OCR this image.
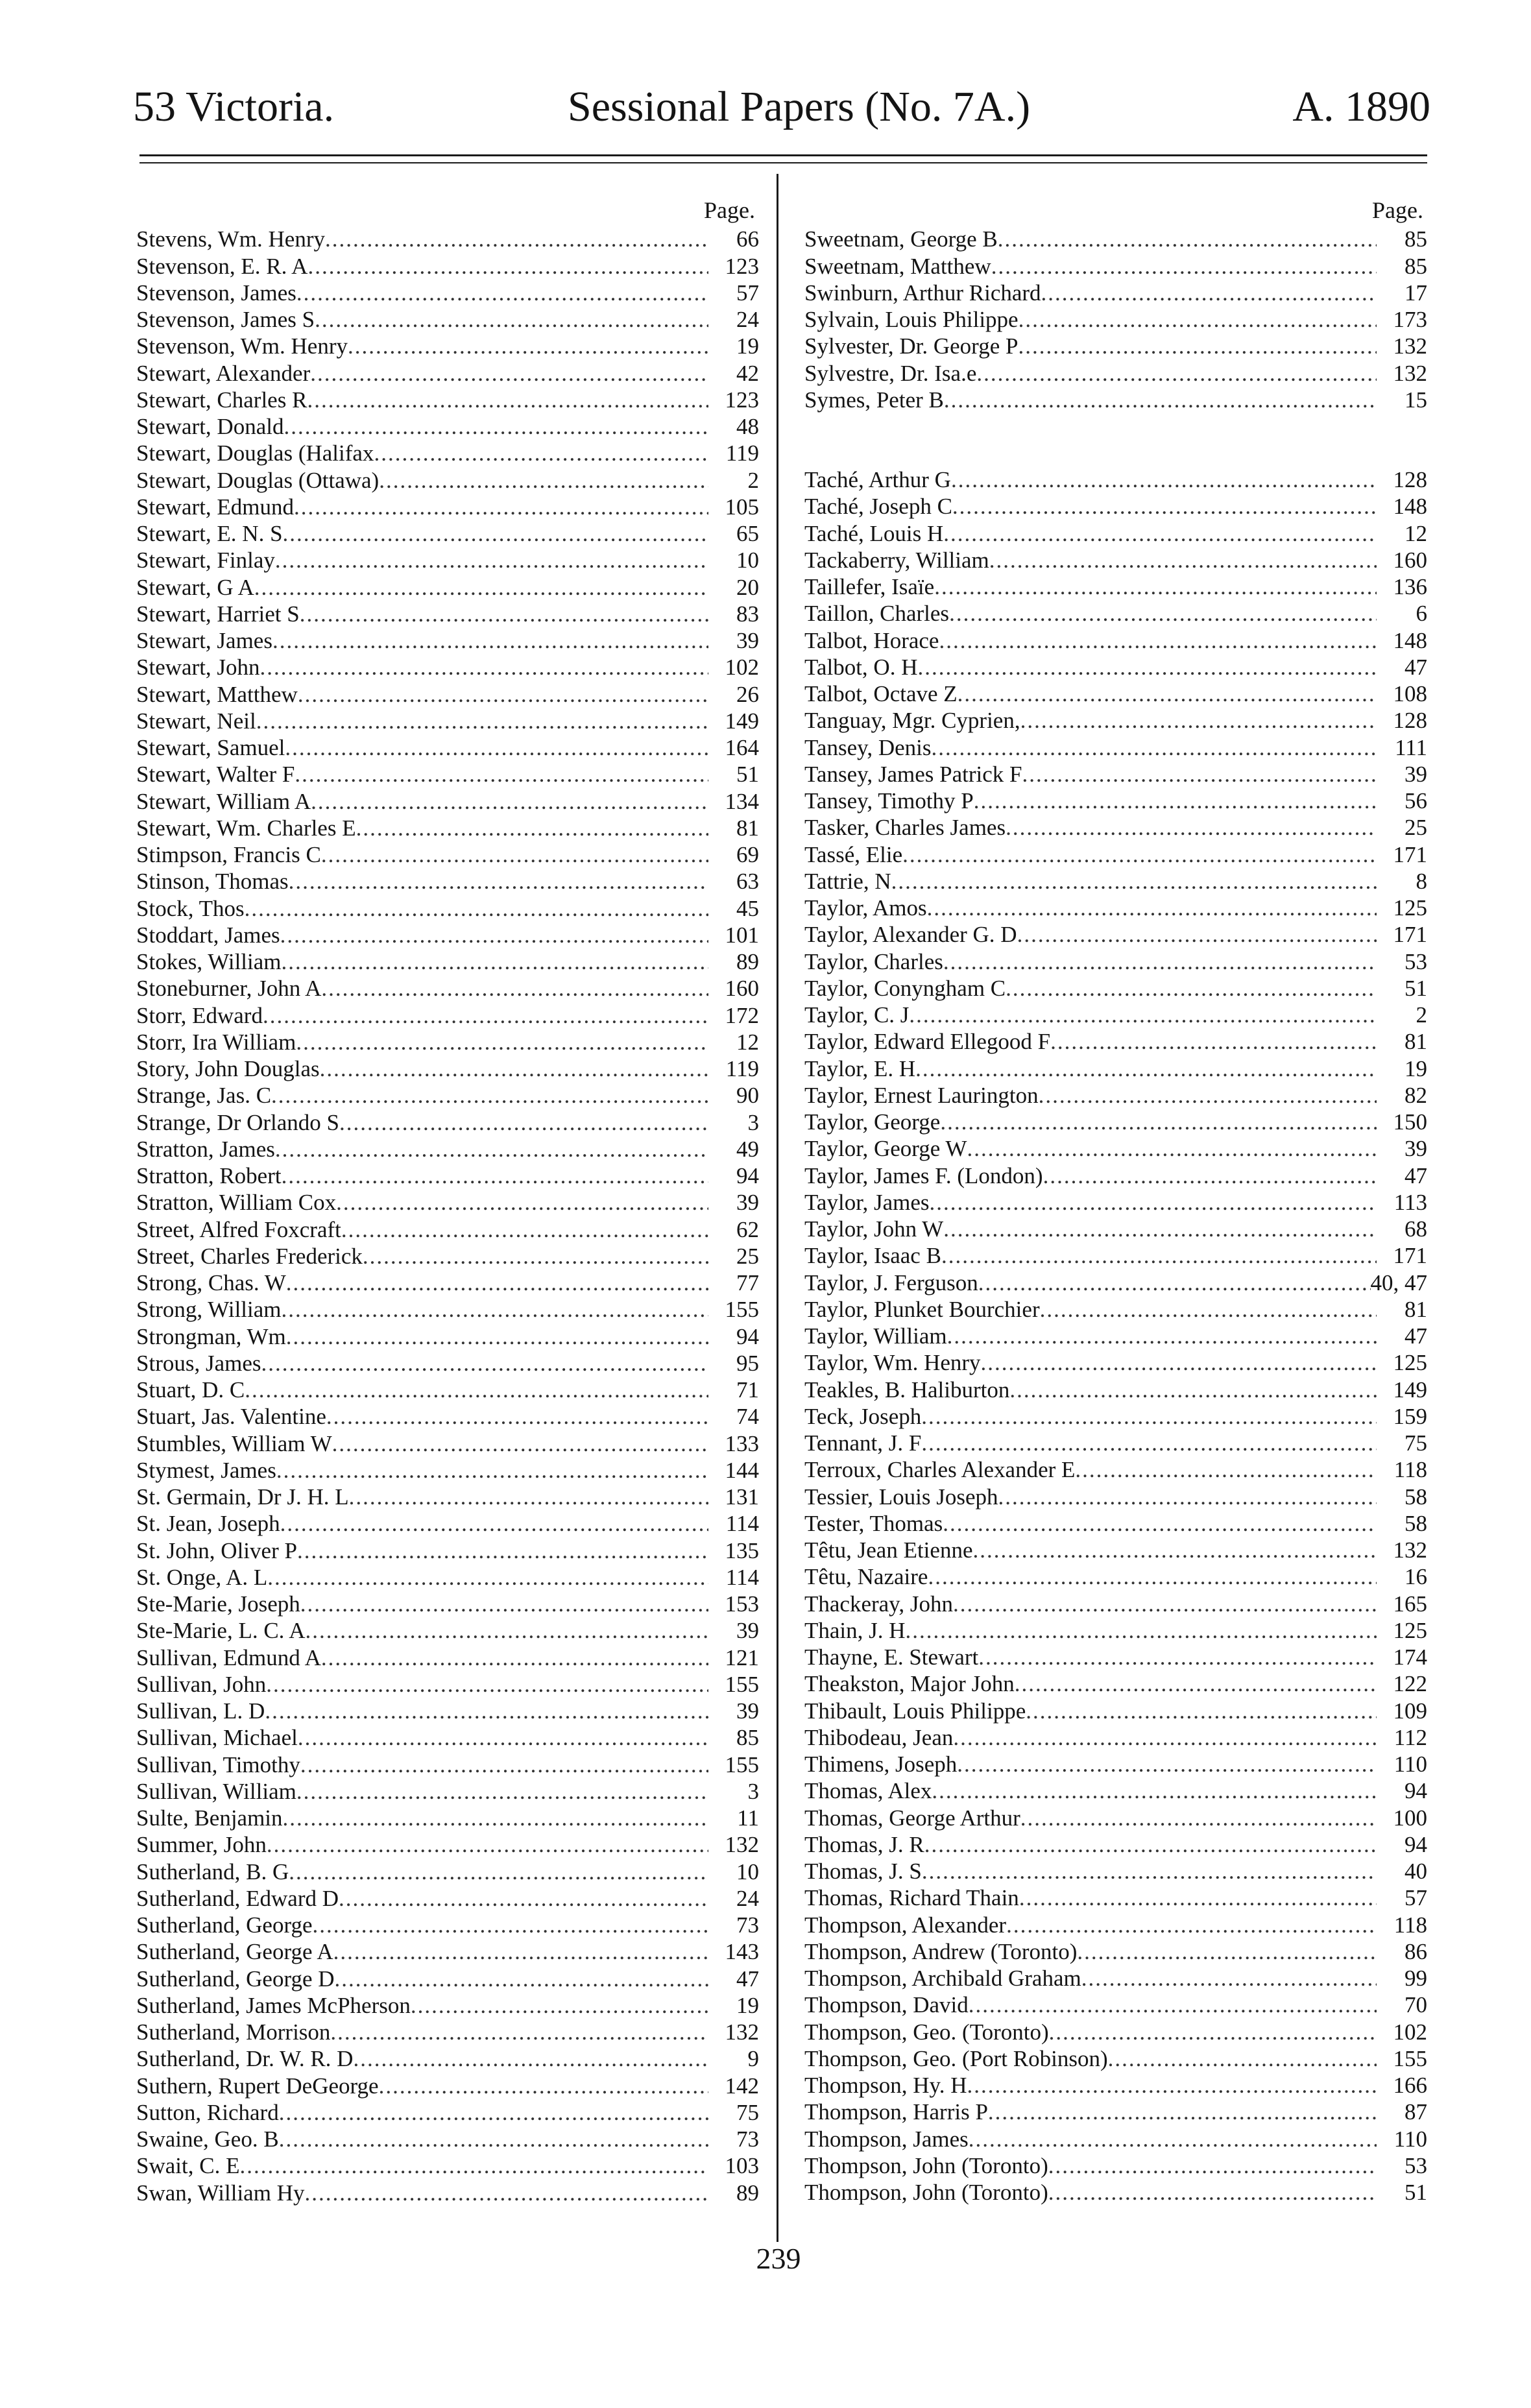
53 Victoria.	Sessional Papers (No. 7A.)	A. 1890
Page.
Stevens, Wm. Henry .....	66
Stevenson, E. R. A .....	123
Stevenson, James .....	57
Stevenson, James S .....	24
Stevenson, Wm. Henry .....	19
Stewart, Alexander .....	42
Stewart, Charles R .....	123
Stewart, Donald .....	48
Stewart, Douglas (Halifax .....	119
Stewart, Douglas (Ottawa) .....	2
Stewart, Edmund .....	105
Stewart, E. N. S .....	65
Stewart, Finlay .....	10
Stewart, G A .....	20
Stewart, Harriet S .....	83
Stewart, James .....	39
Stewart, John .....	102
Stewart, Matthew .....	26
Stewart, Neil .....	149
Stewart, Samuel .....	164
Stewart, Walter F .....	51
Stewart, William A .....	134
Stewart, Wm. Charles E .....	81
Stimpson, Francis C .....	69
Stinson, Thomas .....	63
Stock, Thos .....	45
Stoddart, James .....	101
Stokes, William .....	89
Stoneburner, John A .....	160
Storr, Edward .....	172
Storr, Ira William .....	12
Story, John Douglas .....	119
Strange, Jas. C .....	90
Strange, Dr Orlando S .....	3
Stratton, James .....	49
Stratton, Robert .....	94
Stratton, William Cox .....	39
Street, Alfred Foxcraft .....	62
Street, Charles Frederick .....	25
Strong, Chas. W .....	77
Strong, William .....	155
Strongman, Wm .....	94
Strous, James .....	95
Stuart, D. C .....	71
Stuart, Jas. Valentine .....	74
Stumbles, William W .....	133
Stymest, James .....	144
St. Germain, Dr J. H. L .....	131
St. Jean, Joseph .....	114
St. John, Oliver P .....	135
St. Onge, A. L .....	114
Ste-Marie, Joseph .....	153
Ste-Marie, L. C. A .....	39
Sullivan, Edmund A .....	121
Sullivan, John .....	155
Sullivan, L. D .....	39
Sullivan, Michael .....	85
Sullivan, Timothy .....	155
Sullivan, William .....	3
Sulte, Benjamin .....	11
Summer, John .....	132
Sutherland, B. G .....	10
Sutherland, Edward D .....	24
Sutherland, George .....	73
Sutherland, George A .....	143
Sutherland, George D .....	47
Sutherland, James McPherson .....	19
Sutherland, Morrison .....	132
Sutherland, Dr. W. R. D .....	9
Suthern, Rupert DeGeorge .....	142
Sutton, Richard .....	75
Swaine, Geo. B .....	73
Swait, C. E .....	103
Swan, William Hy .....	89
Page.
Sweetnam, George B .....	85
Sweetnam, Matthew .....	85
Swinburn, Arthur Richard .....	17
Sylvain, Louis Philippe .....	173
Sylvester, Dr. George P .....	132
Sylvestre, Dr. Isa.e .....	132
Symes, Peter B .....	15
Taché, Arthur G .....	128
Taché, Joseph C .....	148
Taché, Louis H .....	12
Tackaberry, William .....	160
Taillefer, Isaïe .....	136
Taillon, Charles .....	6
Talbot, Horace .....	148
Talbot, O. H .....	47
Talbot, Octave Z .....	108
Tanguay, Mgr. Cyprien, .....	128
Tansey, Denis .....	111
Tansey, James Patrick F .....	39
Tansey, Timothy P .....	56
Tasker, Charles James .....	25
Tassé, Elie .....	171
Tattrie, N .....	8
Taylor, Amos .....	125
Taylor, Alexander G. D .....	171
Taylor, Charles .....	53
Taylor, Conyngham C .....	51
Taylor, C. J .....	2
Taylor, Edward Ellegood F .....	81
Taylor, E. H .....	19
Taylor, Ernest Laurington .....	82
Taylor, George .....	150
Taylor, George W .....	39
Taylor, James F. (London) .....	47
Taylor, James .....	113
Taylor, John W .....	68
Taylor, Isaac B .....	171
Taylor, J. Ferguson .....	40, 47
Taylor, Plunket Bourchier .....	81
Taylor, William .....	47
Taylor, Wm. Henry .....	125
Teakles, B. Haliburton .....	149
Teck, Joseph .....	159
Tennant, J. F .....	75
Terroux, Charles Alexander E .....	118
Tessier, Louis Joseph .....	58
Tester, Thomas .....	58
Têtu, Jean Etienne .....	132
Têtu, Nazaire .....	16
Thackeray, John .....	165
Thain, J. H .....	125
Thayne, E. Stewart .....	174
Theakston, Major John .....	122
Thibault, Louis Philippe .....	109
Thibodeau, Jean .....	112
Thimens, Joseph .....	110
Thomas, Alex .....	94
Thomas, George Arthur .....	100
Thomas, J. R .....	94
Thomas, J. S .....	40
Thomas, Richard Thain .....	57
Thompson, Alexander .....	118
Thompson, Andrew (Toronto) .....	86
Thompson, Archibald Graham .....	99
Thompson, David .....	70
Thompson, Geo. (Toronto) .....	102
Thompson, Geo. (Port Robinson) .....	155
Thompson, Hy. H .....	166
Thompson, Harris P .....	87
Thompson, James .....	110
Thompson, John (Toronto) .....	53
Thompson, John (Toronto) .....	51
239
